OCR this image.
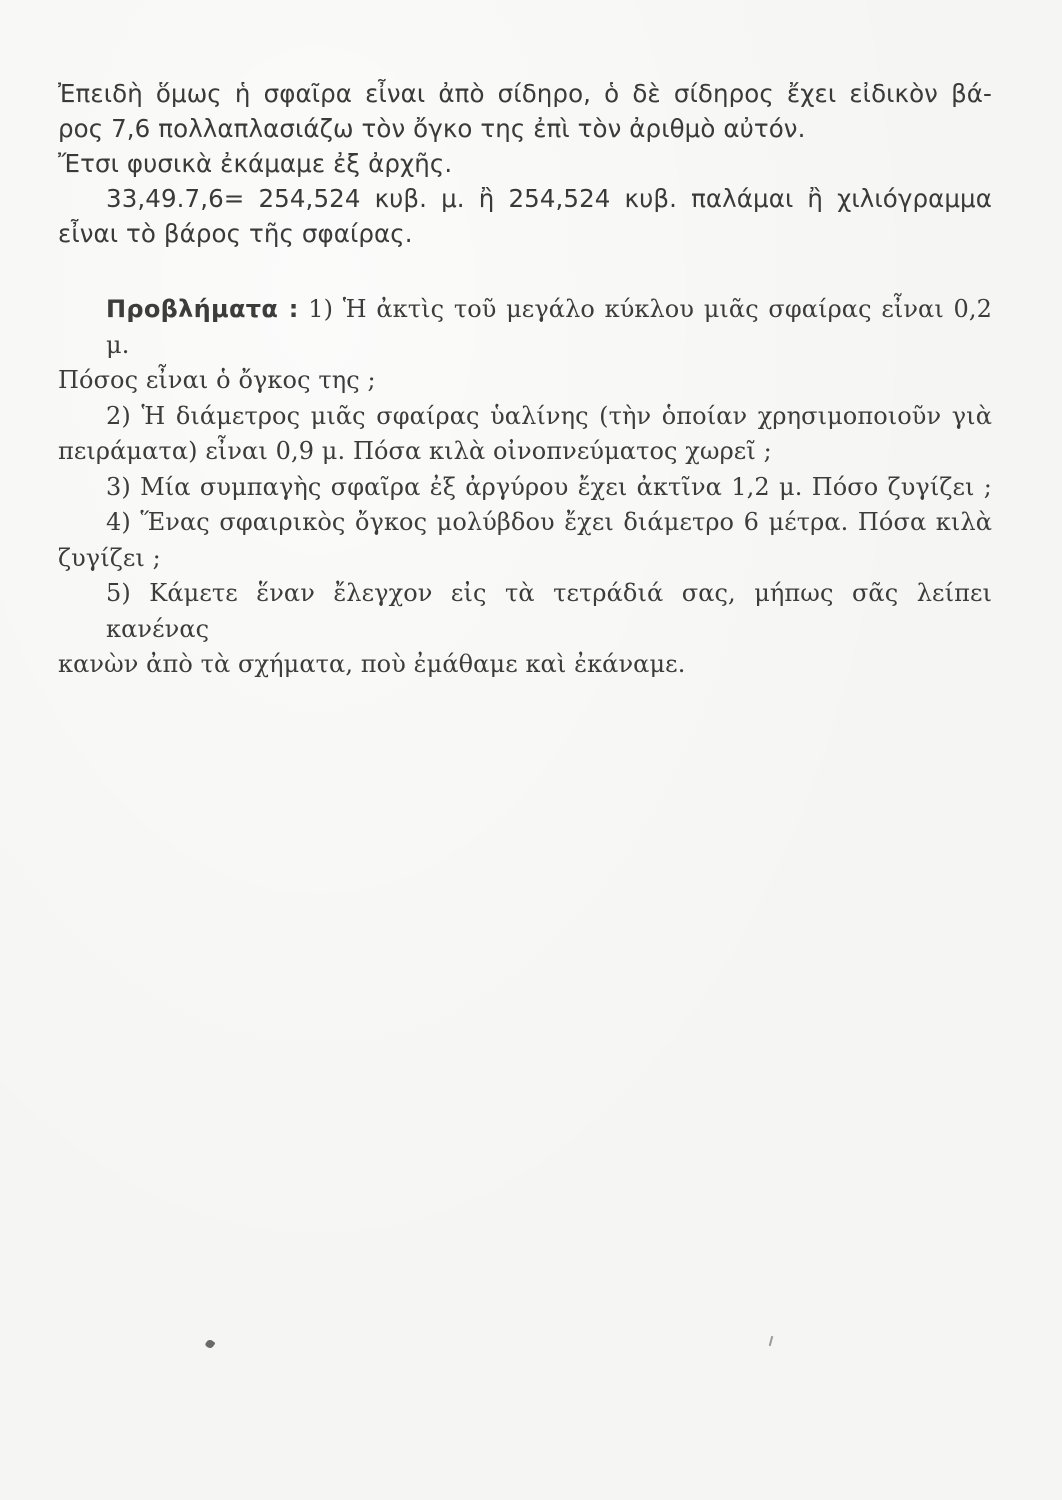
Ἐπειδὴ ὅμως ἡ σφαῖρα εἶναι ἀπὸ σίδηρο, ὁ δὲ σίδηρος ἔχει εἰδικὸν βά-
ρος 7,6 πολλαπλασιάζω τὸν ὄγκο της ἐπὶ τὸν ἀριθμὸ αὐτόν.
Ἔτσι φυσικὰ ἐκάμαμε ἐξ ἀρχῆς.
33,49.7,6= 254,524 κυβ. μ. ἢ 254,524 κυβ. παλάμαι ἢ χιλιόγραμμα
εἶναι τὸ βάρος τῆς σφαίρας.
Προβλήματα : 1) Ἡ ἀκτὶς τοῦ μεγάλο κύκλου μιᾶς σφαίρας εἶναι 0,2 μ.
Πόσος εἶναι ὁ ὄγκος της ;
2) Ἡ διάμετρος μιᾶς σφαίρας ὑαλίνης (τὴν ὁποίαν χρησιμοποιοῦν γιὰ
πειράματα) εἶναι 0,9 μ. Πόσα κιλὰ οἰνοπνεύματος χωρεῖ ;
3) Μία συμπαγὴς σφαῖρα ἐξ ἀργύρου ἔχει ἀκτῖνα 1,2 μ. Πόσο ζυγίζει ;
4) Ἕνας σφαιρικὸς ὄγκος μολύβδου ἔχει διάμετρο 6 μέτρα. Πόσα κιλὰ
ζυγίζει ;
5) Κάμετε ἕναν ἔλεγχον εἰς τὰ τετράδιά σας, μήπως σᾶς λείπει κανένας
κανὼν ἀπὸ τὰ σχήματα, ποὺ ἐμάθαμε καὶ ἐκάναμε.
